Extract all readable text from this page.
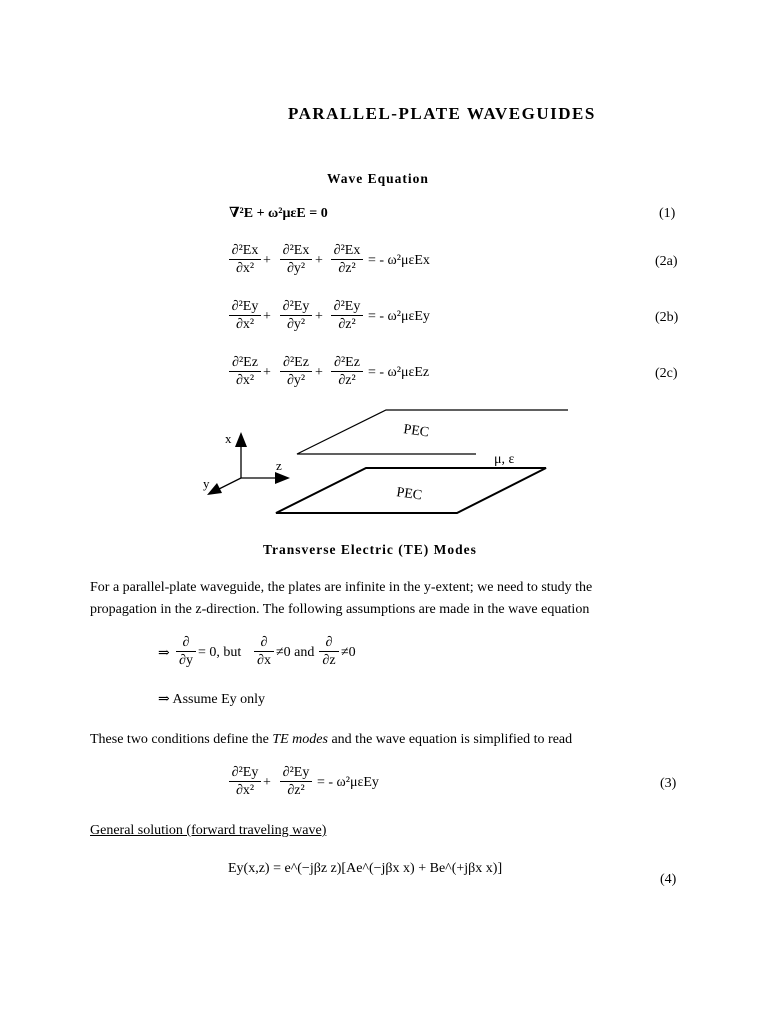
PARALLEL-PLATE WAVEGUIDES
Wave Equation
∇²E + ω²μεE = 0	(1)
∂²Ex
∂x²
+
∂²Ex
∂y²
+
∂²Ex
∂z²
= - ω²μεEx	(2a)
∂²Ey
∂x²
+
∂²Ey
∂y²
+
∂²Ey
∂z²
= - ω²μεEy	(2b)
∂²Ez
∂x²
+
∂²Ez
∂y²
+
∂²Ez
∂z²
= - ω²μεEz	(2c)
x
y
z
PEC
PEC
μ, ε
Transverse Electric (TE) Modes
For a parallel-plate waveguide, the plates are infinite in the y-extent; we need to study the
propagation in the z-direction. The following assumptions are made in the wave equation
⇒
∂
∂y
= 0, but
∂
∂x
≠0 and
∂
∂z
≠0
⇒ Assume Ey only
These two conditions define the TE modes and the wave equation is simplified to read
∂²Ey
∂x²
+
∂²Ey
∂z²
= - ω²μεEy	(3)
General solution (forward traveling wave)
Ey(x,z) = e^(−jβz z)[Ae^(−jβx x) + Be^(+jβx x)]
(4)
